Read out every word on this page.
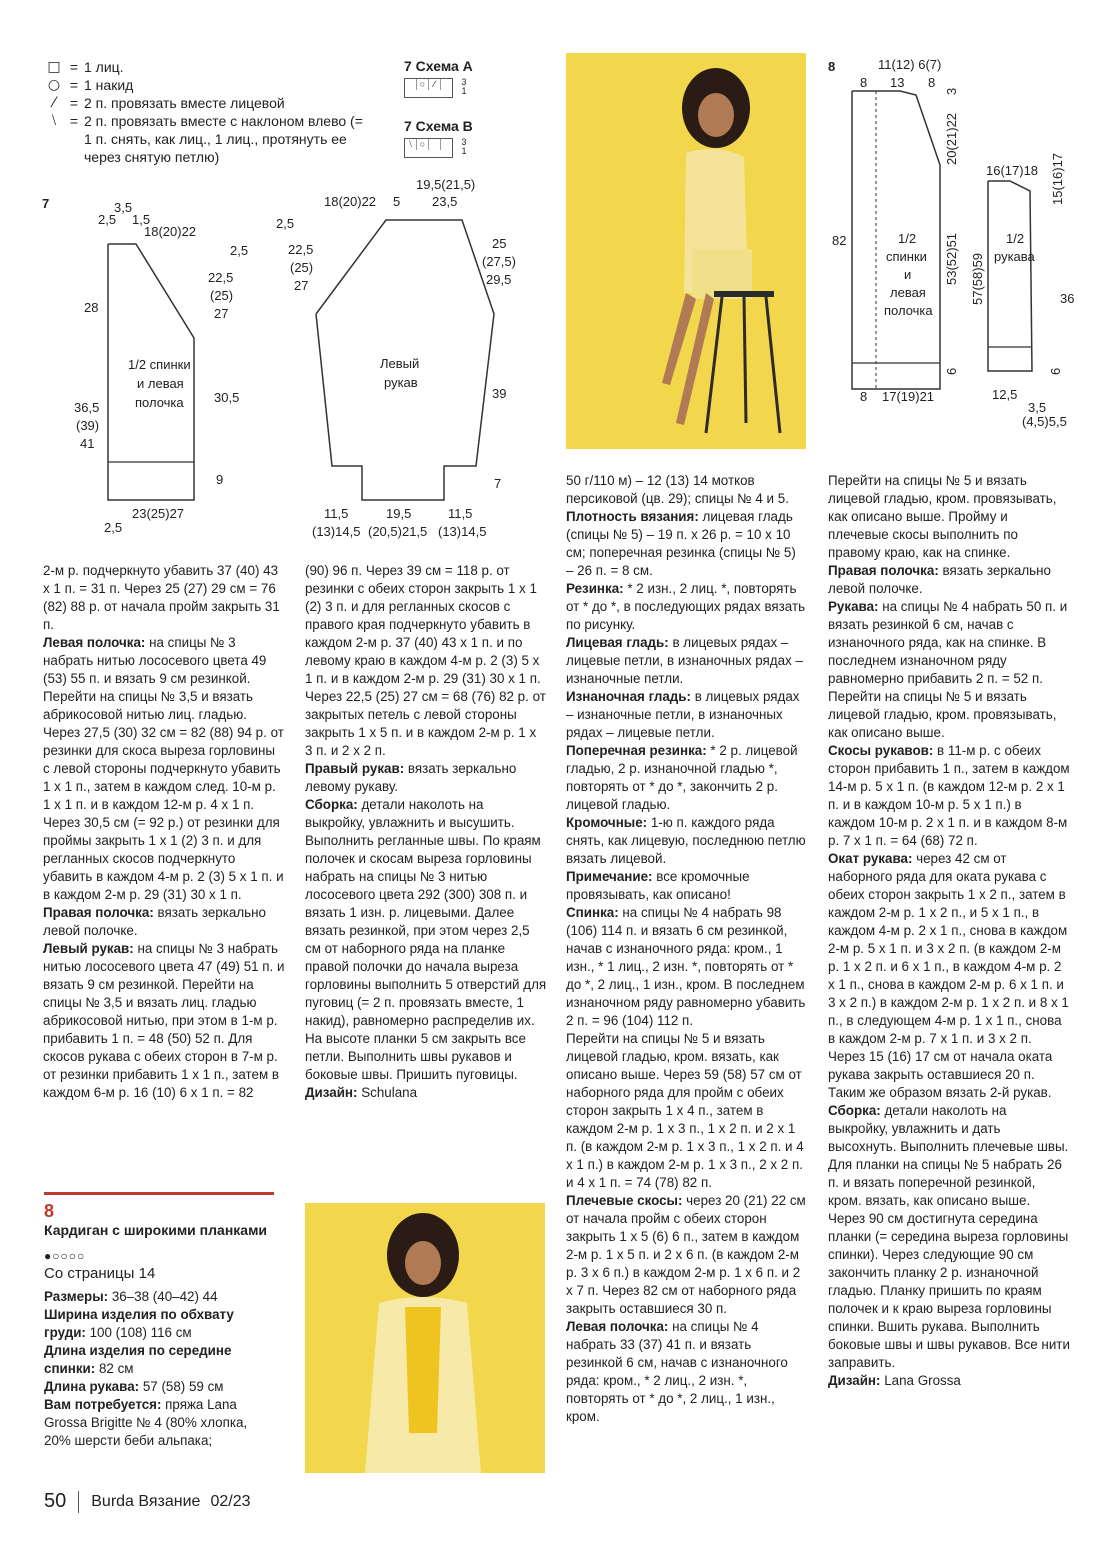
□ = 1 лиц.
○ = 1 накид
⁄	= 2 п. провязать вместе лицевой
⧵ = 2 п. провязать вместе с наклоном влево (= 1 п. снять, как лиц., 1 лиц., протянуть ее через снятую петлю)
7 Схема А
○ ⁄	3
1
7 Схема В
⧵ ○	3
1
7
1/2 спинки
и левая
полочка
3,5
2,5 1,5
18(20)22
2,5
22,5
(25)
27
28
36,5
(39)
41
30,5
9
23(25)27
2,5
Левый
рукав
19,5(21,5)
23,5
18(20)22 5
2,5
22,5
(25)
27
25
(27,5)
29,5
39
7
11,5
(13)14,5
19,5
(20,5)21,5
11,5
(13)14,5
8
1/2
спинки
и
левая
полочка
11(12) 6(7)
8 13 8
82
8 17(19)21
20(21)22
3
53(52)51 57(58)59
6
1/2
рукава
16(17)18 15(16)17
36
6
12,5
3,5
(4,5)5,5

2-м р. подчеркнуто убавить 37 (40) 43 х 1 п. = 31 п. Через 25 (27) 29 см = 76 (82) 88 р. от начала пройм закрыть 31 п.

Левая полочка: на спицы № 3 набрать нитью лососевого цвета 49 (53) 55 п. и вязать 9 см резинкой. Перейти на спицы № 3,5 и вязать абрикосовой нитью лиц. гладью. Через 27,5 (30) 32 см = 82 (88) 94 р. от резинки для скоса выреза горловины с левой стороны подчеркнуто убавить 1 х 1 п., затем в каждом след. 10-м р. 1 х 1 п. и в каждом 12-м р. 4 х 1 п. Через 30,5 см (= 92 р.) от резинки для проймы закрыть 1 х 1 (2) 3 п. и для регланных скосов подчеркнуто убавить в каждом 4-м р. 2 (3) 5 х 1 п. и в каждом 2-м р. 29 (31) 30 х 1 п.

Правая полочка: вязать зеркально левой полочке.

Левый рукав: на спицы № 3 набрать нитью лососевого цвета 47 (49) 51 п. и вязать 9 см резинкой. Перейти на спицы № 3,5 и вязать лиц. гладью абрикосовой нитью, при этом в 1-м р. прибавить 1 п. = 48 (50) 52 п. Для скосов рукава с обеих сторон в 7-м р. от резинки прибавить 1 х 1 п., затем в каждом 6-м р. 16 (10) 6 х 1 п. = 82

(90) 96 п. Через 39 см = 118 р. от резинки с обеих сторон закрыть 1 х 1 (2) 3 п. и для регланных скосов с правого края подчеркнуто убавить в каждом 2-м р. 37 (40) 43 х 1 п. и по левому краю в каждом 4-м р. 2 (3) 5 х 1 п. и в каждом 2-м р. 29 (31) 30 х 1 п. Через 22,5 (25) 27 см = 68 (76) 82 р. от закрытых петель с левой стороны закрыть 1 х 5 п. и в каждом 2-м р. 1 х 3 п. и 2 х 2 п.

Правый рукав: вязать зеркально левому рукаву.

Сборка: детали наколоть на выкройку, увлажнить и высушить. Выполнить регланные швы. По краям полочек и скосам выреза горловины набрать на спицы № 3 нитью лососевого цвета 292 (300) 308 п. и вязать 1 изн. р. лицевыми. Далее вязать резинкой, при этом через 2,5 см от наборного ряда на планке правой полочки до начала выреза горловины выполнить 5 отверстий для пуговиц (= 2 п. провязать вместе, 1 накид), равномерно распределив их. На высоте планки 5 см закрыть все петли. Выполнить швы рукавов и боковые швы. Пришить пуговицы.

Дизайн: Schulana

8
Кардиган с широкими планками
●○○○○
Со страницы 14

Размеры: 36–38 (40–42) 44

Ширина изделия по обхвату груди: 100 (108) 116 см

Длина изделия по середине спинки: 82 см

Длина рукава: 57 (58) 59 см

Вам потребуется: пряжа Lana Grossa Brigitte № 4 (80% хлопка, 20% шерсти беби альпака;

50 г/110 м) – 12 (13) 14 мотков персиковой (цв. 29); спицы № 4 и 5.

Плотность вязания: лицевая гладь (спицы № 5) – 19 п. х 26 р. = 10 х 10 см; поперечная резинка (спицы № 5) – 26 п. = 8 см.

Резинка: * 2 изн., 2 лиц. *, повторять от * до *, в последующих рядах вязать по рисунку.

Лицевая гладь: в лицевых рядах – лицевые петли, в изнаночных рядах – изнаночные петли.

Изнаночная гладь: в лицевых рядах – изнаночные петли, в изнаночных рядах – лицевые петли.

Поперечная резинка: * 2 р. лицевой гладью, 2 р. изнаночной гладью *, повторять от * до *, закончить 2 р. лицевой гладью.

Кромочные: 1-ю п. каждого ряда снять, как лицевую, последнюю петлю вязать лицевой.

Примечание: все кромочные провязывать, как описано!

Спинка: на спицы № 4 набрать 98 (106) 114 п. и вязать 6 см резинкой, начав с изнаночного ряда: кром., 1 изн., * 1 лиц., 2 изн. *, повторять от * до *, 2 лиц., 1 изн., кром. В последнем изнаночном ряду равномерно убавить 2 п. = 96 (104) 112 п.

Перейти на спицы № 5 и вязать лицевой гладью, кром. вязать, как описано выше. Через 59 (58) 57 см от наборного ряда для пройм с обеих сторон закрыть 1 х 4 п., затем в каждом 2-м р. 1 х 3 п., 1 х 2 п. и 2 х 1 п. (в каждом 2-м р. 1 х 3 п., 1 х 2 п. и 4 х 1 п.) в каждом 2-м р. 1 х 3 п., 2 х 2 п. и 4 х 1 п. = 74 (78) 82 п.

Плечевые скосы: через 20 (21) 22 см от начала пройм с обеих сторон закрыть 1 х 5 (6) 6 п., затем в каждом 2-м р. 1 х 5 п. и 2 х 6 п. (в каждом 2-м р. 3 х 6 п.) в каждом 2-м р. 1 х 6 п. и 2 х 7 п. Через 82 см от наборного ряда закрыть оставшиеся 30 п.

Левая полочка: на спицы № 4 набрать 33 (37) 41 п. и вязать резинкой 6 см, начав с изнаночного ряда: кром., * 2 лиц., 2 изн. *, повторять от * до *, 2 лиц., 1 изн., кром.

Перейти на спицы № 5 и вязать лицевой гладью, кром. провязывать, как описано выше. Пройму и плечевые скосы выполнить по правому краю, как на спинке.

Правая полочка: вязать зеркально левой полочке.

Рукава: на спицы № 4 набрать 50 п. и вязать резинкой 6 см, начав с изнаночного ряда, как на спинке. В последнем изнаночном ряду равномерно прибавить 2 п. = 52 п.

Перейти на спицы № 5 и вязать лицевой гладью, кром. провязывать, как описано выше.

Скосы рукавов: в 11-м р. с обеих сторон прибавить 1 п., затем в каждом 14-м р. 5 х 1 п. (в каждом 12-м р. 2 х 1 п. и в каждом 10-м р. 5 х 1 п.) в каждом 10-м р. 2 х 1 п. и в каждом 8-м р. 7 х 1 п. = 64 (68) 72 п.

Окат рукава: через 42 см от наборного ряда для оката рукава с обеих сторон закрыть 1 х 2 п., затем в каждом 2-м р. 1 х 2 п., и 5 х 1 п., в каждом 4-м р. 2 х 1 п., снова в каждом 2-м р. 5 х 1 п. и 3 х 2 п. (в каждом 2-м р. 1 х 2 п. и 6 х 1 п., в каждом 4-м р. 2 х 1 п., снова в каждом 2-м р. 6 х 1 п. и 3 х 2 п.) в каждом 2-м р. 1 х 2 п. и 8 х 1 п., в следующем 4-м р. 1 х 1 п., снова в каждом 2-м р. 7 х 1 п. и 3 х 2 п. Через 15 (16) 17 см от начала оката рукава закрыть оставшиеся 20 п. Таким же образом вязать 2-й рукав.

Сборка: детали наколоть на выкройку, увлажнить и дать высохнуть. Выполнить плечевые швы. Для планки на спицы № 5 набрать 26 п. и вязать поперечной резинкой, кром. вязать, как описано выше. Через 90 см достигнута середина планки (= середина выреза горловины спинки). Через следующие 90 см закончить планку 2 р. изнаночной гладью. Планку пришить по краям полочек и к краю выреза горловины спинки. Вшить рукава. Выполнить боковые швы и швы рукавов. Все нити заправить.

Дизайн: Lana Grossa

50 Burda Вязание 02/23
